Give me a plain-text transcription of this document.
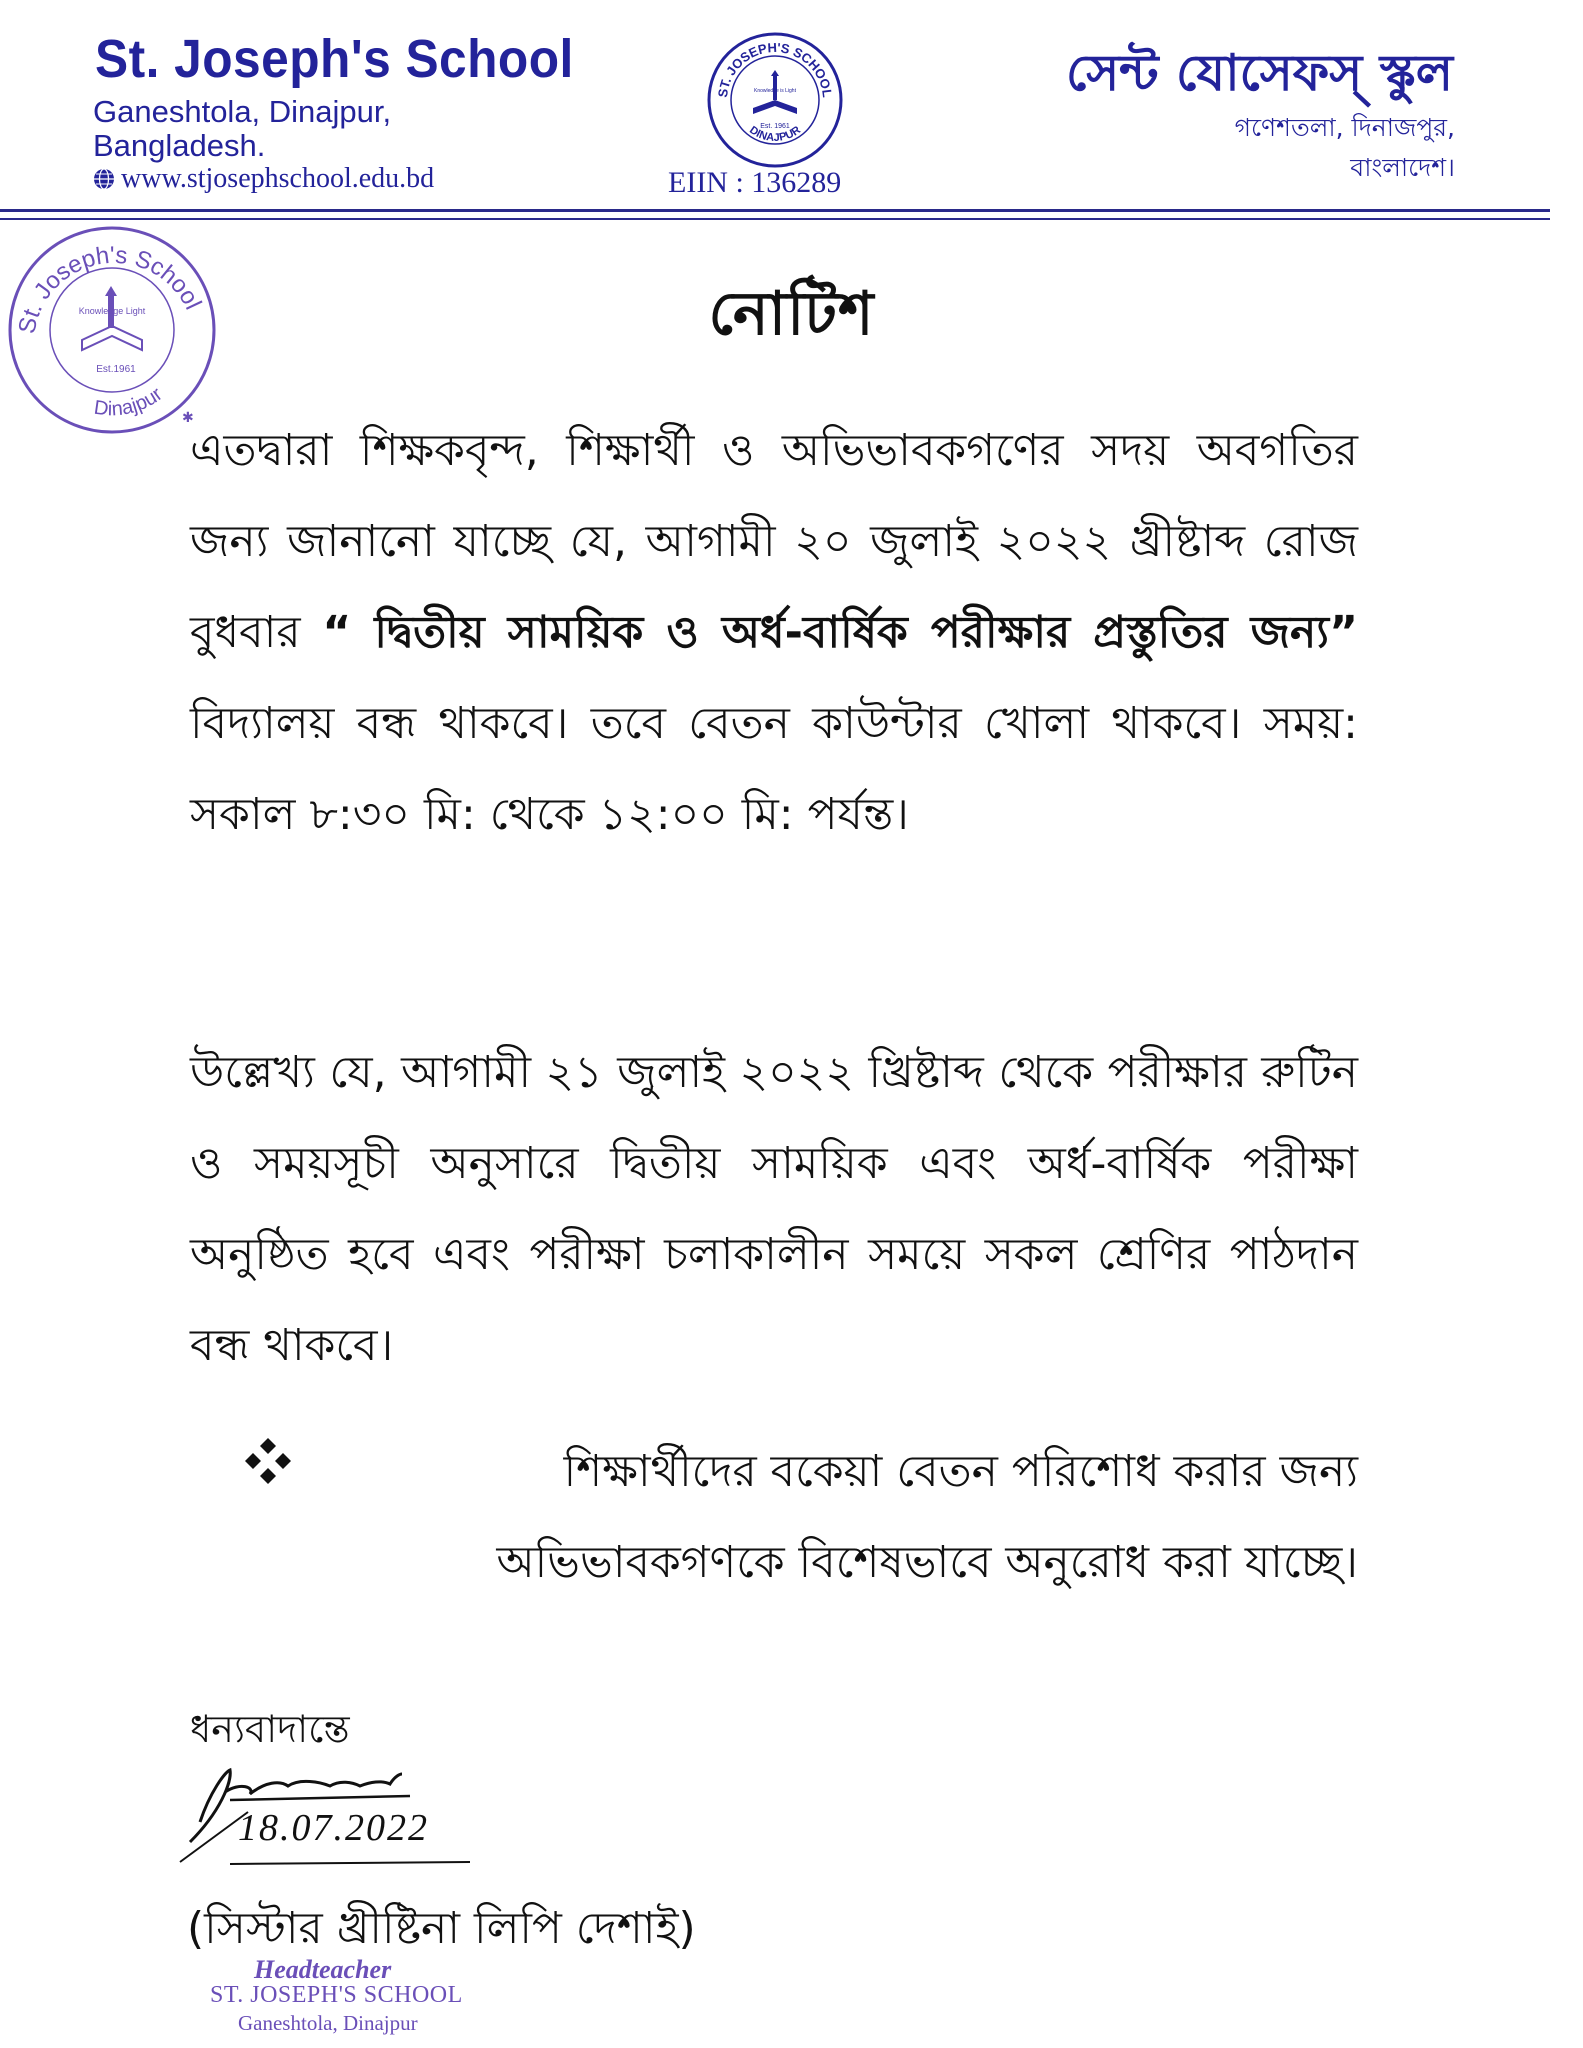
St. Joseph's School
Ganeshtola, Dinajpur,
Bangladesh.
www.stjosephschool.edu.bd
ST. JOSEPH'S SCHOOL
DINAJPUR
Est. 1961
Knowledge is Light
EIIN : 136289
সেন্ট যোসেফস্ স্কুল
গণেশতলা, দিনাজপুর,
বাংলাদেশ।
St. Joseph's School
Dinajpur
Knowledge Light
Est.1961
✱
নোটিশ
এতদ্বারা শিক্ষকবৃন্দ, শিক্ষার্থী ও অভিভাবকগণের সদয় অবগতির জন্য জানানো যাচ্ছে যে, আগামী ২০ জুলাই ২০২২ খ্রীষ্টাব্দ রোজ বুধবার “ দ্বিতীয় সাময়িক ও অর্ধ-বার্ষিক পরীক্ষার প্রস্তুতির জন্য” বিদ্যালয় বন্ধ থাকবে। তবে বেতন কাউন্টার খোলা থাকবে। সময়: সকাল ৮:৩০ মি: থেকে ১২:০০ মি: পর্যন্ত।
উল্লেখ্য যে, আগামী ২১ জুলাই ২০২২ খ্রিষ্টাব্দ থেকে পরীক্ষার রুটিন ও সময়সূচী অনুসারে দ্বিতীয় সাময়িক এবং অর্ধ-বার্ষিক পরীক্ষা অনুষ্ঠিত হবে এবং পরীক্ষা চলাকালীন সময়ে সকল শ্রেণির পাঠদান বন্ধ থাকবে।
শিক্ষার্থীদের বকেয়া বেতন পরিশোধ করার জন্য
অভিভাবকগণকে বিশেষভাবে অনুরোধ করা যাচ্ছে।
ধন্যবাদান্তে
18.07.2022
(সিস্টার খ্রীষ্টিনা লিপি দেশাই)
Headteacher
ST. JOSEPH'S SCHOOL
Ganeshtola, Dinajpur
